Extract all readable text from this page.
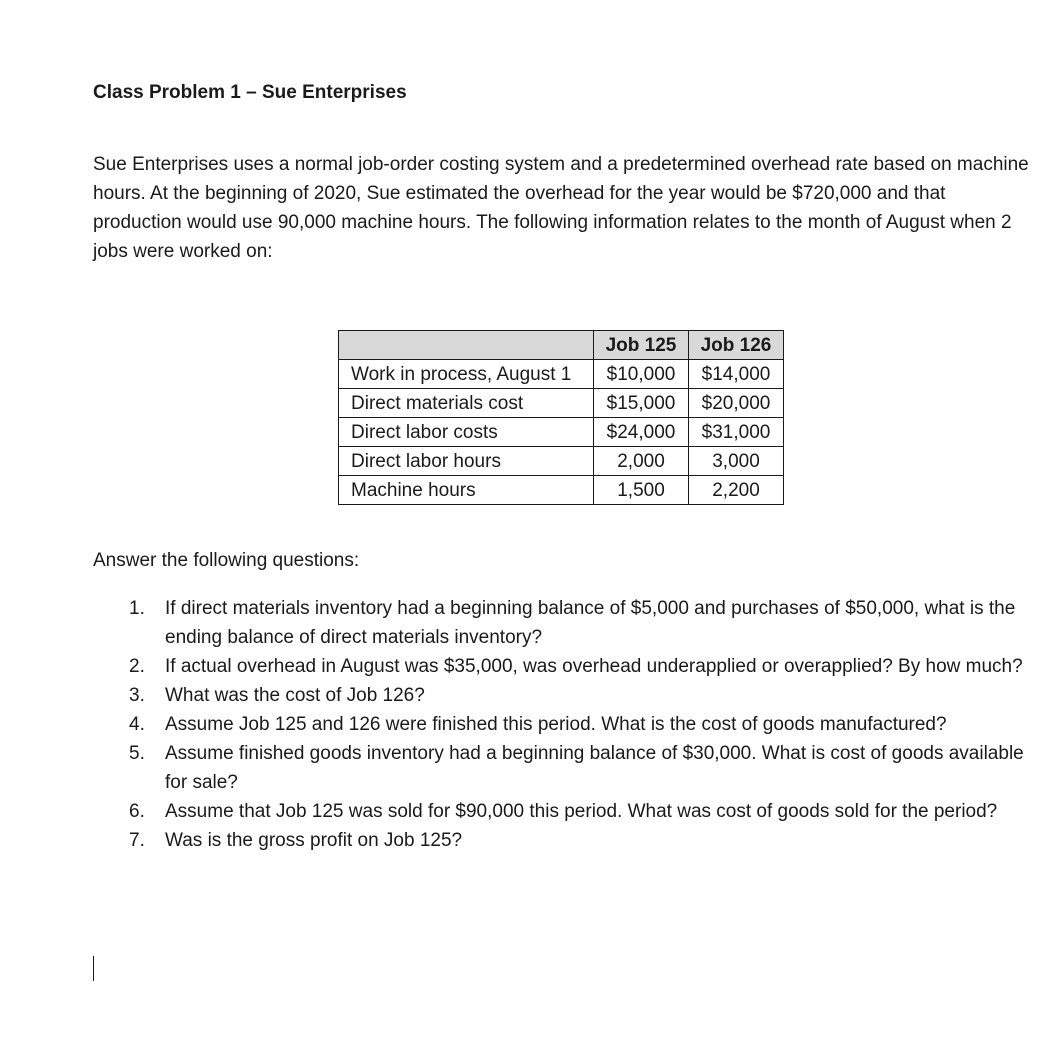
Class Problem 1 – Sue Enterprises

Sue Enterprises uses a normal job-order costing system and a predetermined overhead rate based on machine hours. At the beginning of 2020, Sue estimated the overhead for the year would be $720,000 and that production would use 90,000 machine hours. The following information relates to the month of August when 2 jobs were worked on:

	Job 125	Job 126
Work in process, August 1	$10,000	$14,000
Direct materials cost	$15,000	$20,000
Direct labor costs	$24,000	$31,000
Direct labor hours	2,000	3,000
Machine hours	1,500	2,200

Answer the following questions:

1. If direct materials inventory had a beginning balance of $5,000 and purchases of $50,000, what is the ending balance of direct materials inventory?
2. If actual overhead in August was $35,000, was overhead underapplied or overapplied? By how much?
3. What was the cost of Job 126?
4. Assume Job 125 and 126 were finished this period. What is the cost of goods manufactured?
5. Assume finished goods inventory had a beginning balance of $30,000. What is cost of goods available for sale?
6. Assume that Job 125 was sold for $90,000 this period. What was cost of goods sold for the period?
7. Was is the gross profit on Job 125?
